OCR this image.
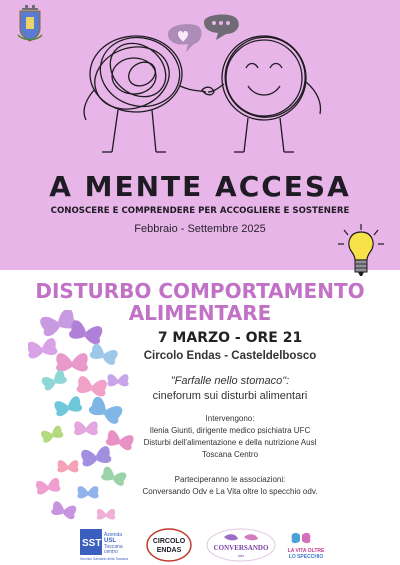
A MENTE ACCESA
CONOSCERE E COMPRENDERE PER ACCOGLIERE E SOSTENERE
Febbraio - Settembre 2025
DISTURBO COMPORTAMENTO
ALIMENTARE
7 MARZO - ORE 21
Circolo Endas - Casteldelbosco
"Farfalle nello stomaco":
cineforum sui disturbi alimentari
Intervengono:
Ilenia Giunti, dirigente medico psichiatra UFC
Disturbi dell'alimentazione e della nutrizione Ausl
Toscana Centro
Parteciperanno le associazioni:
Conversando Odv e La Vita oltre lo specchio odv.
SST
Azienda
USL
Toscana
centro
Servizio Sanitario della Toscana
CIRCOLO
ENDAS	CONVERSANDO
odv
LA VITA OLTRE
LO SPECCHIO
